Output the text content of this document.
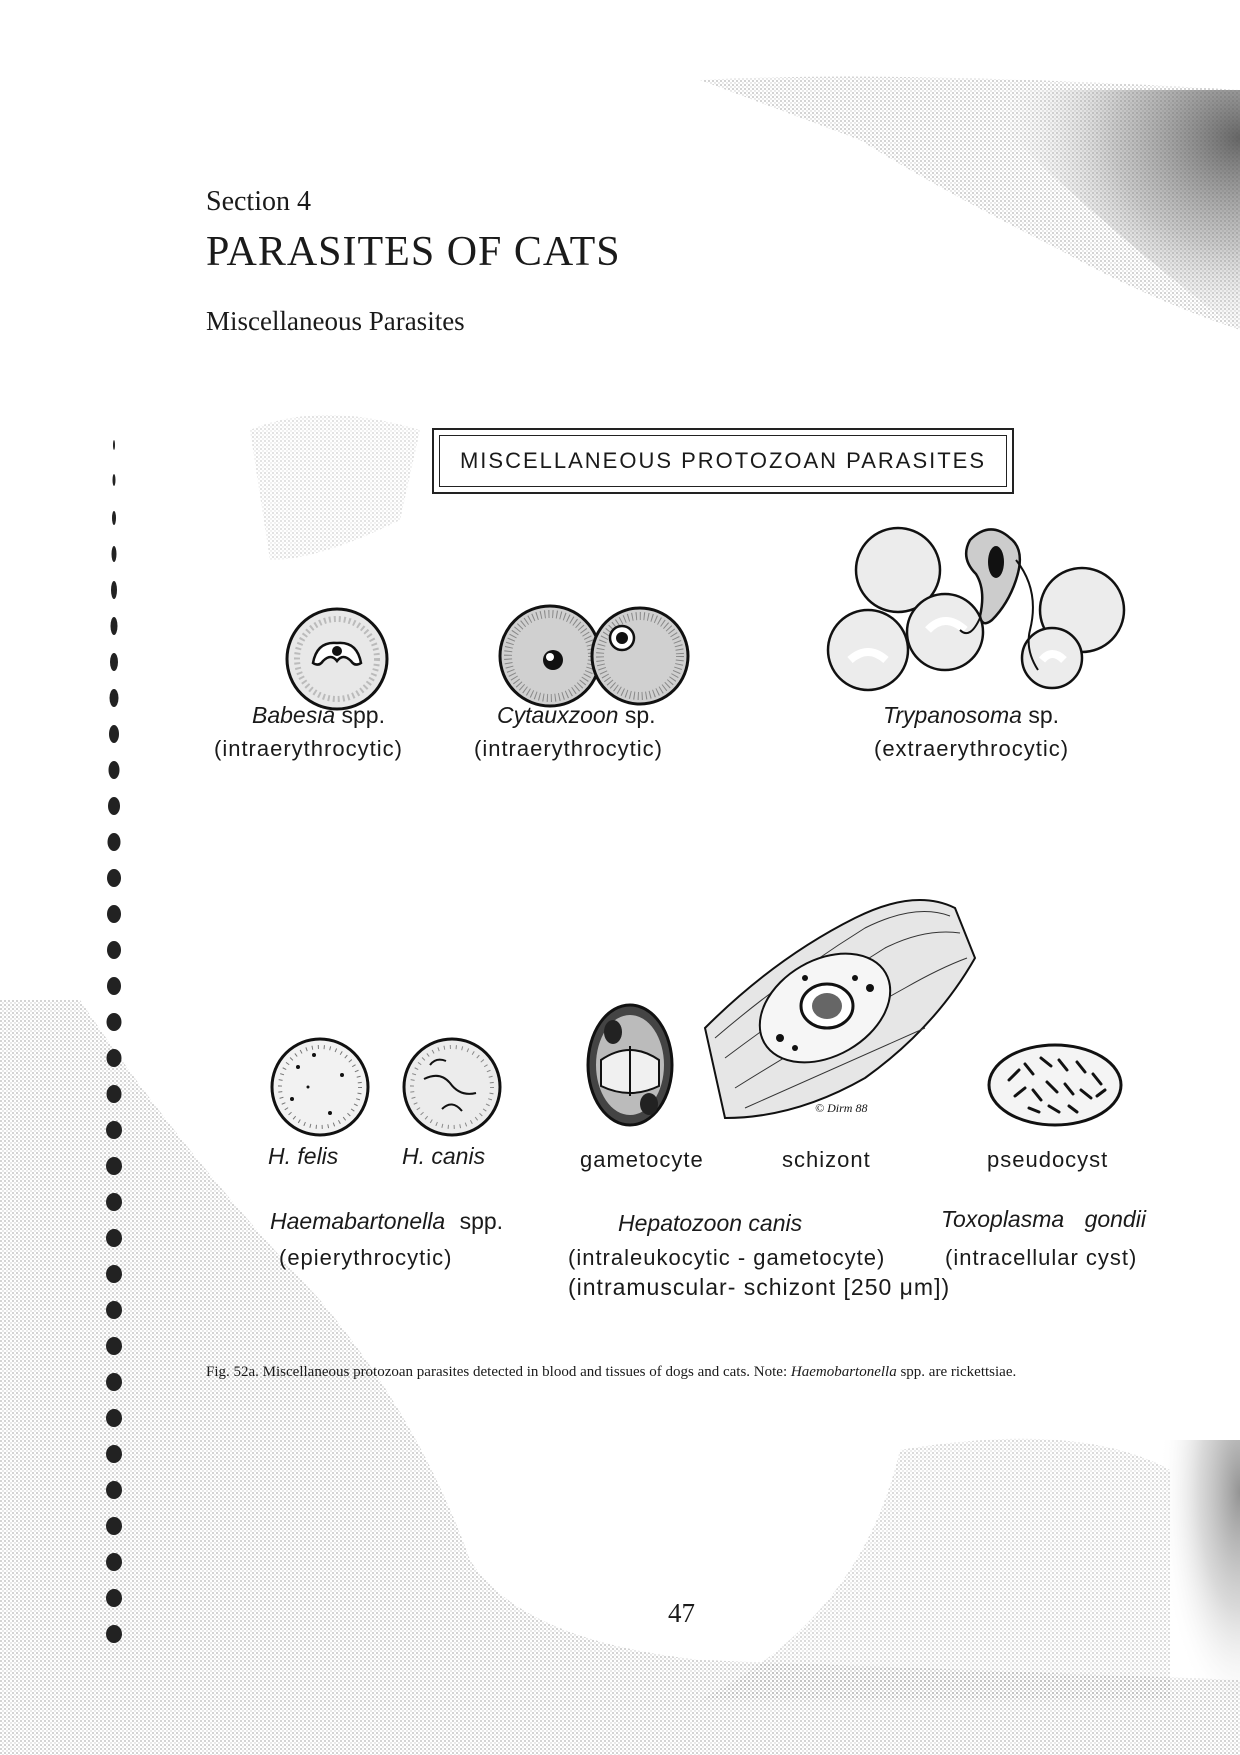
Section 4
PARASITES OF CATS
Miscellaneous Parasites
MISCELLANEOUS PROTOZOAN PARASITES
Babesia spp.
(intraerythrocytic)
Cytauxzoon sp.
(intraerythrocytic)
Trypanosoma sp.
(extraerythrocytic)
© Dirm 88
H. felis	H. canis	gametocyte	schizont	pseudocyst
Haemabartonella spp.
(epierythrocytic)
Hepatozoon canis
(intraleukocytic - gametocyte)
(intramuscular- schizont [250 μm])
Toxoplasma gondii
(intracellular cyst)
Fig. 52a. Miscellaneous protozoan parasites detected in blood and tissues of dogs and cats. Note: Haemobartonella spp. are rickettsiae.
47
